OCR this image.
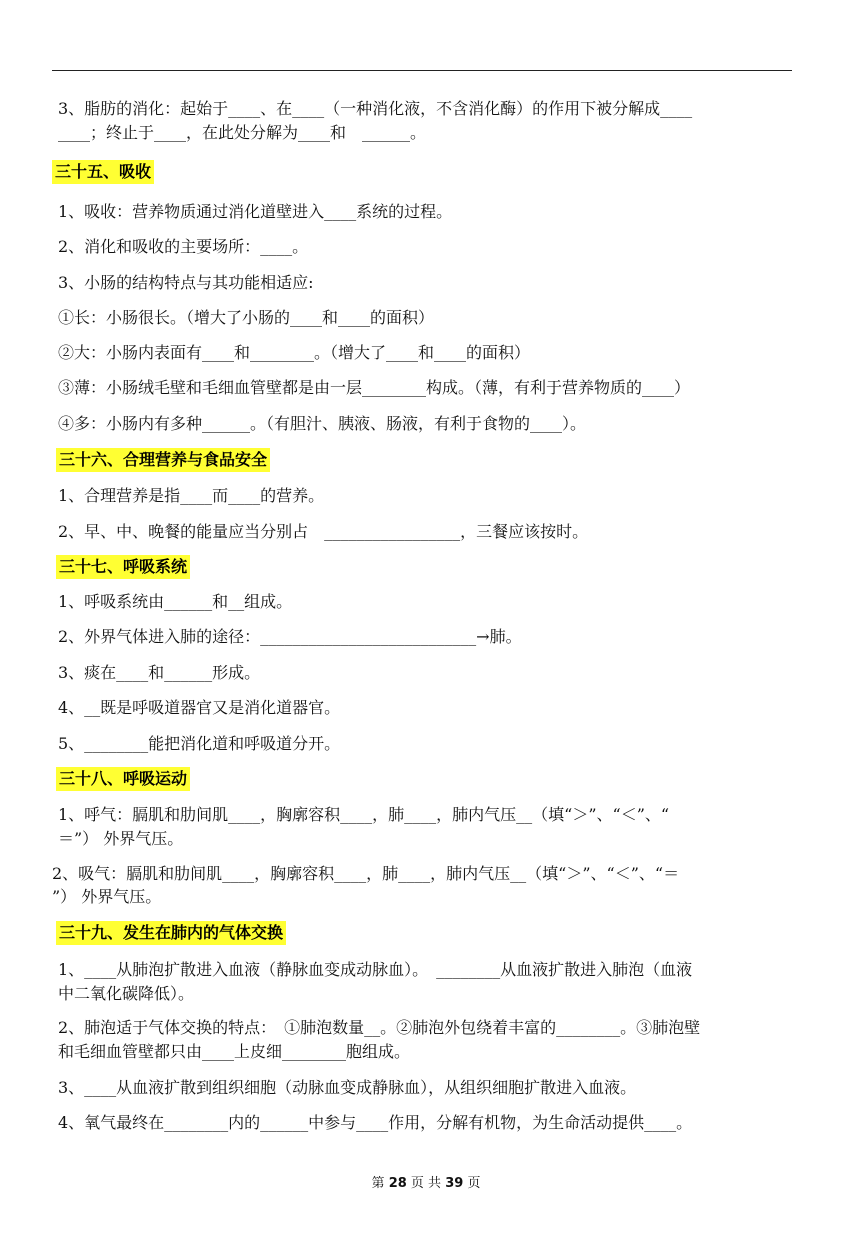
3、脂肪的消化：起始于____、在____（一种消化液，不含消化酶）的作用下被分解成____
____；终止于____，在此处分解为____和　______。
三十五、吸收
1、吸收：营养物质通过消化道壁进入____系统的过程。
2、消化和吸收的主要场所：____。
3、小肠的结构特点与其功能相适应:
①长：小肠很长。（增大了小肠的____和____的面积）
②大：小肠内表面有____和________。（增大了____和____的面积）
③薄：小肠绒毛壁和毛细血管壁都是由一层________构成。（薄，有利于营养物质的____）
④多：小肠内有多种______。（有胆汁、胰液、肠液，有利于食物的____）。
三十六、合理营养与食品安全
1、合理营养是指____而____的营养。
2、早、中、晚餐的能量应当分别占　_________________，三餐应该按时。
三十七、呼吸系统
1、呼吸系统由______和__组成。
2、外界气体进入肺的途径：___________________________→肺。
3、痰在____和______形成。
4、__既是呼吸道器官又是消化道器官。
5、________能把消化道和呼吸道分开。
三十八、呼吸运动
1、呼气：膈肌和肋间肌____，胸廓容积____，肺____，肺内气压__（填“＞”、“＜”、“
＝”） 外界气压。
2、吸气：膈肌和肋间肌____，胸廓容积____，肺____，肺内气压__（填“＞”、“＜”、“＝
”） 外界气压。
三十九、发生在肺内的气体交换
1、____从肺泡扩散进入血液（静脉血变成动脉血）。　________从血液扩散进入肺泡（血液
中二氧化碳降低）。
2、肺泡适于气体交换的特点：　①肺泡数量__。②肺泡外包绕着丰富的________。③肺泡壁
和毛细血管壁都只由____上皮细________胞组成。
3、____从血液扩散到组织细胞（动脉血变成静脉血），从组织细胞扩散进入血液。
4、氧气最终在________内的______中参与____作用，分解有机物，为生命活动提供____。
第 28 页 共 39 页
